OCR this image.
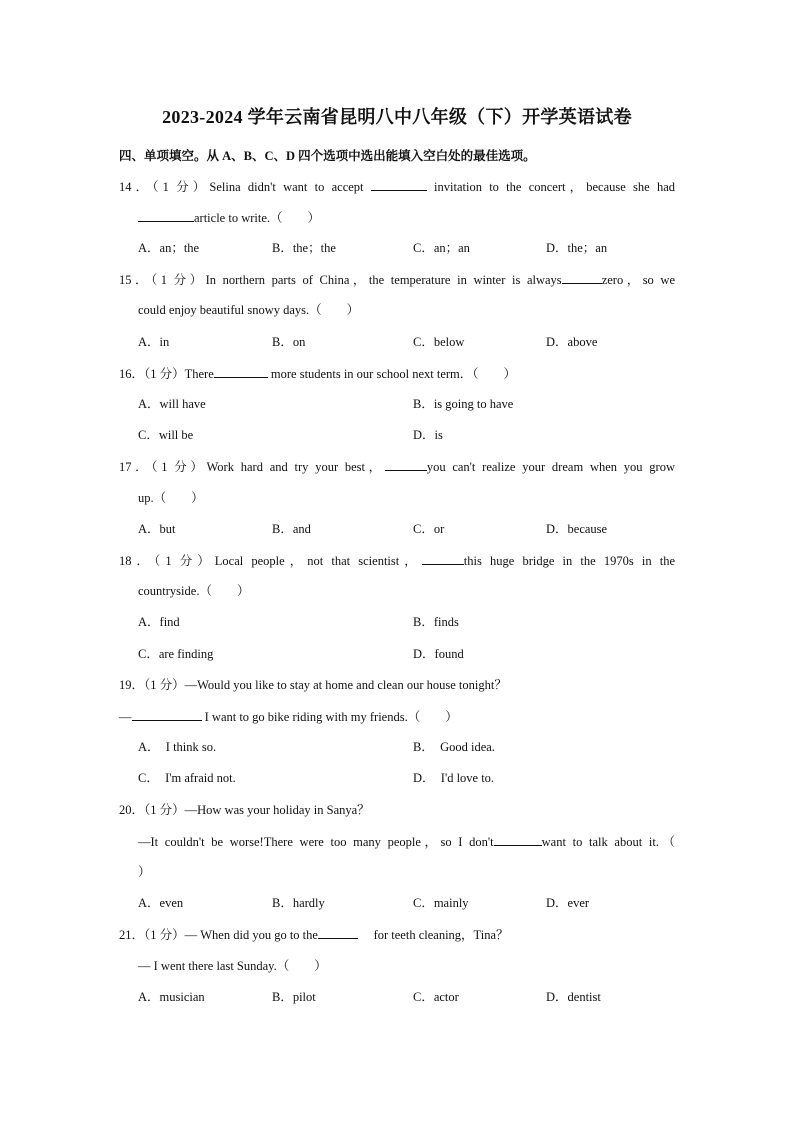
2023-2024 学年云南省昆明八中八年级（下）开学英语试卷
四、单项填空。从 A、B、C、D 四个选项中选出能填入空白处的最佳选项。
14．（1 分）Selina didn't want to accept	invitation to the concert，because she had
article to write.（　　）
A．an；the	B．the；the	C．an；an	D．the；an
15．（1 分）In northern parts of China，the temperature in winter is always	zero，so we
could enjoy beautiful snowy days.（　　）
A．in	B．on	C．below	D．above
16．（1 分）There	more students in our school next term．（　　）
A．will have	B．is going to have
C．will be	D．is
17．（1 分）Work hard and try your best，	you can't realize your dream when you grow
up.（　　）
A．but	B．and	C．or	D．because
18．（1 分）Local people，not that scientist，	this huge bridge in the 1970s in the
countryside.（　　）
A．find	B．finds
C．are finding	D．found
19．（1 分）—Would you like to stay at home and clean our house tonight？
—	I want to go bike riding with my friends.（　　）
A．　I think so.	B．　Good idea.
C．　I'm afraid not.	D．　I'd love to.
20．（1 分）—How was your holiday in Sanya？
—It couldn't be worse!There were too many people，so I don't	want to talk about it.（
）
A．even	B．hardly	C．mainly	D．ever
21．（1 分）— When did you go to the	for teeth cleaning，Tina？
— I went there last Sunday.（　　）
A．musician	B．pilot	C．actor	D．dentist
